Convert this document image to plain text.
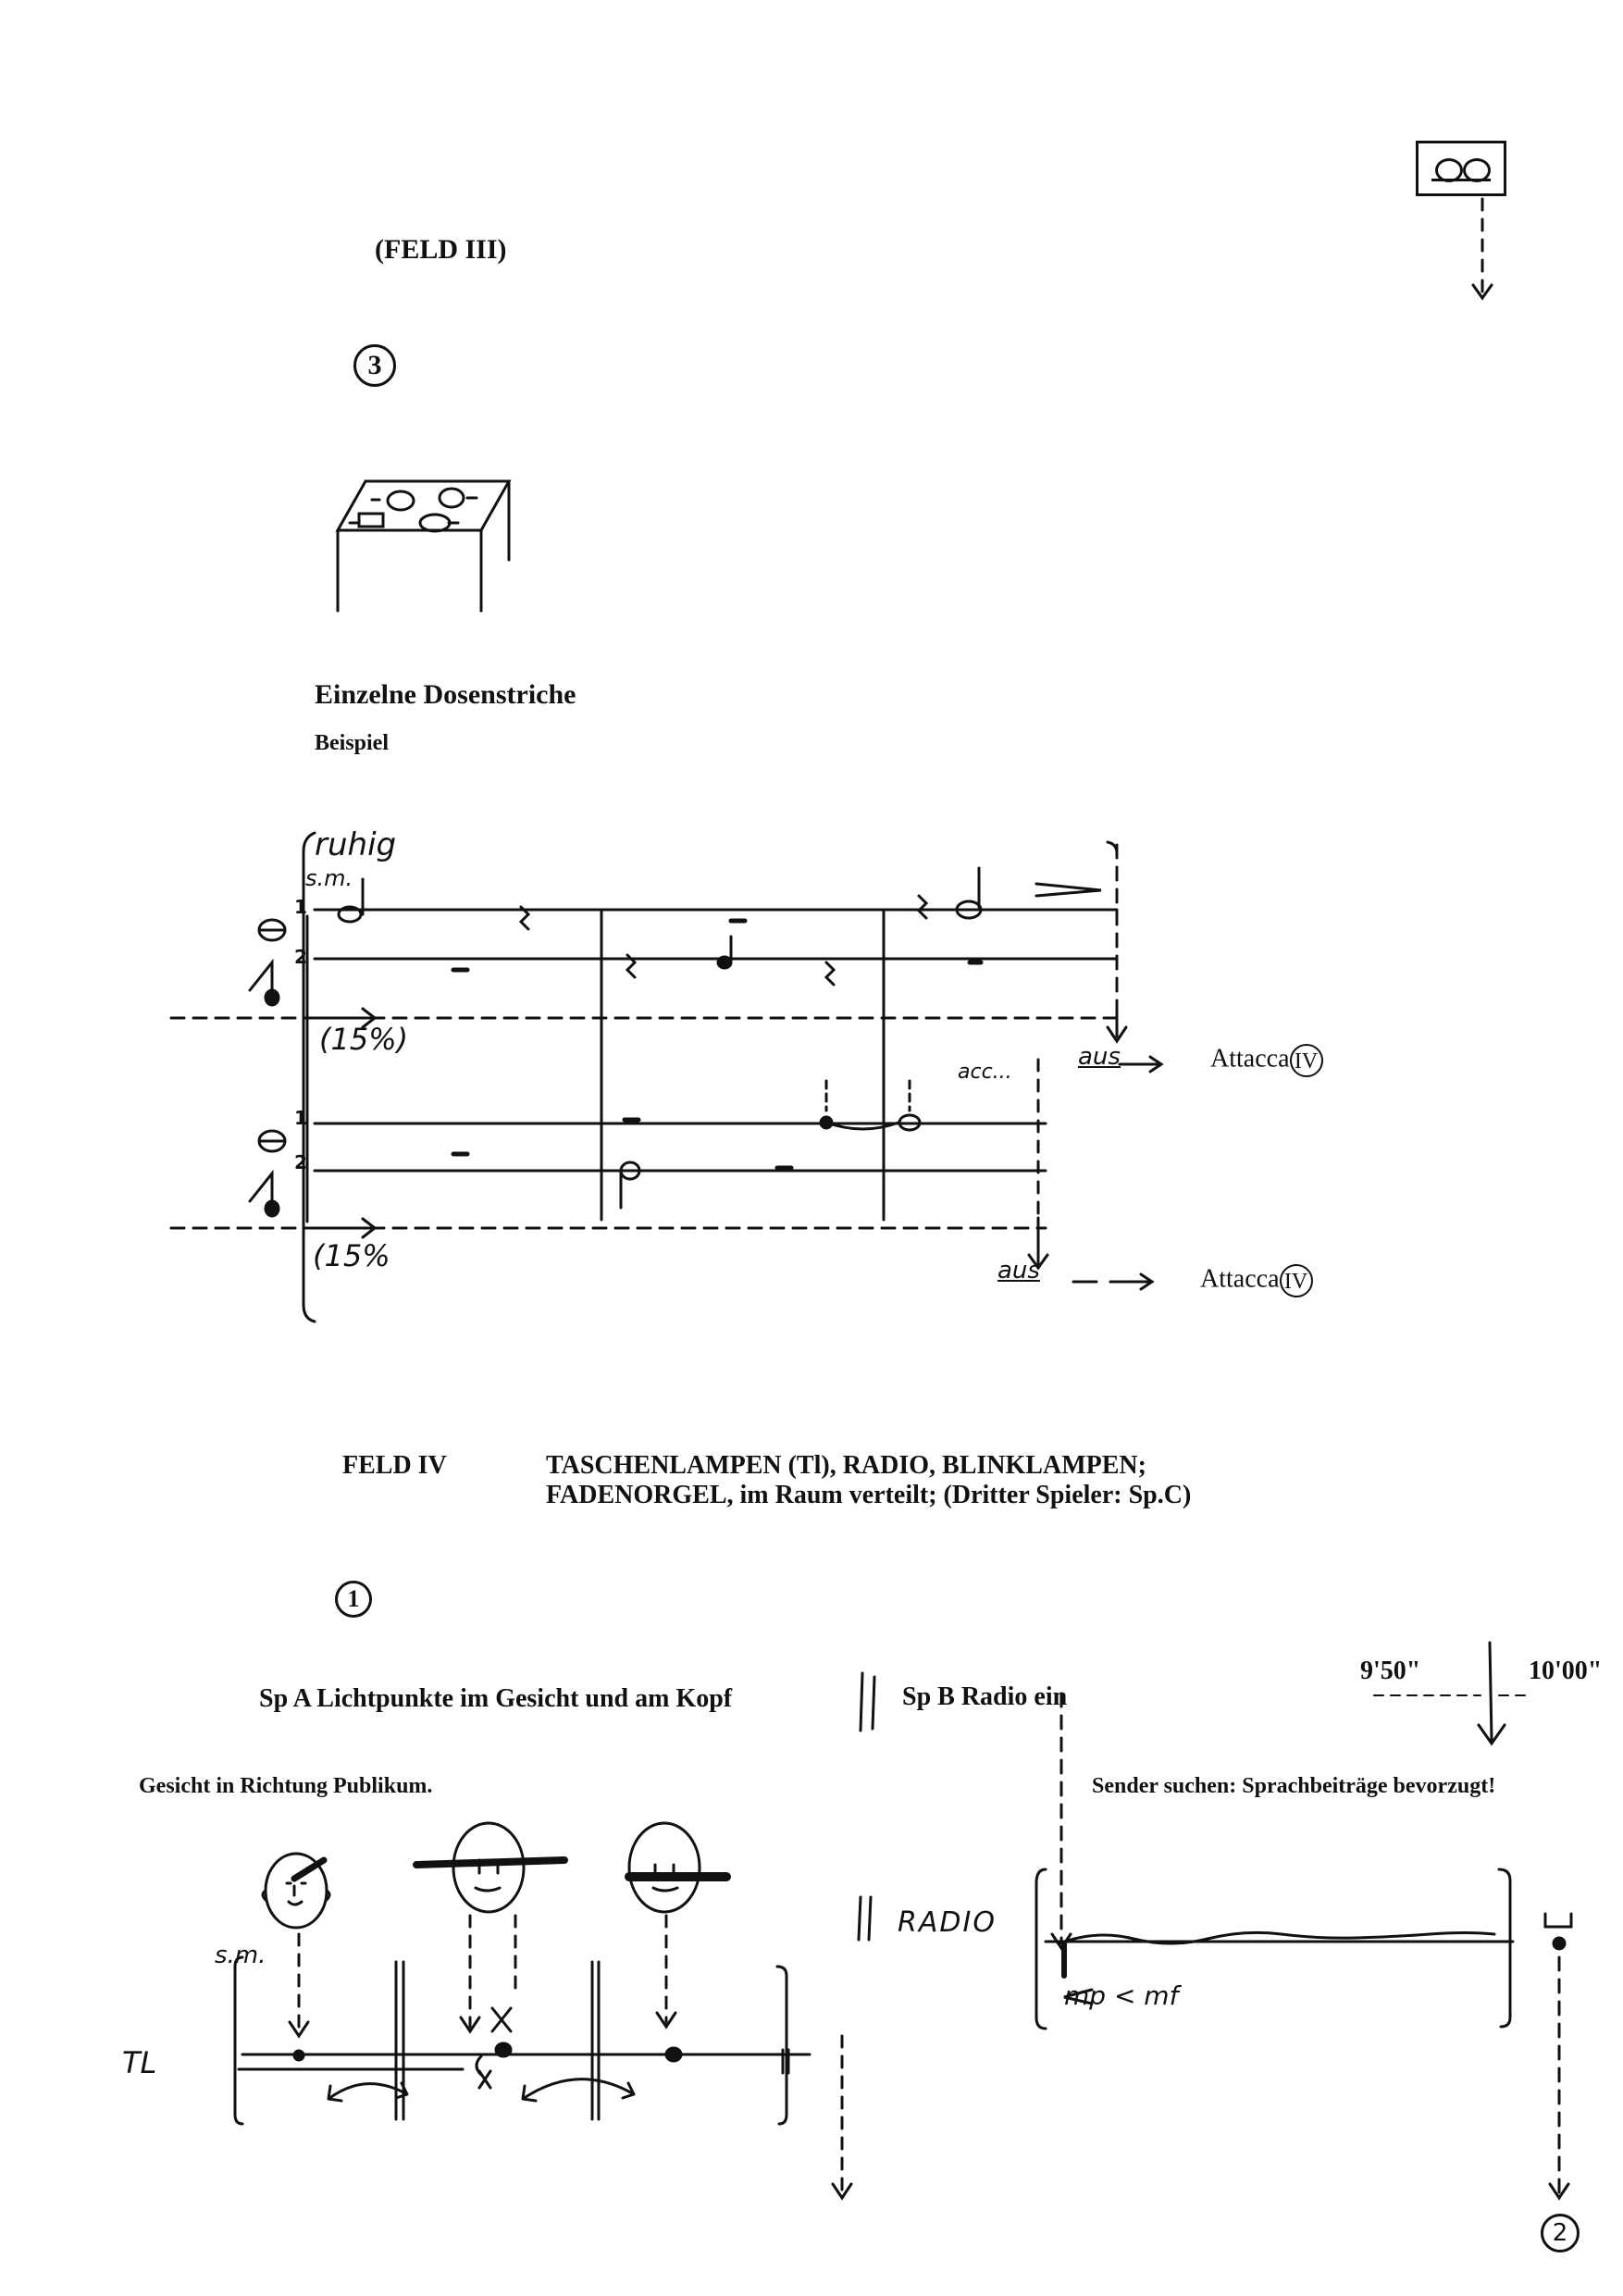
(FELD III)
3
Einzelne Dosenstriche
Beispiel
ruhig
s.m.
(15%)
(15%
acc...
aus
aus
Attacca IV
Attacca IV
1
2
1
2
FELD IV	TASCHENLAMPEN (Tl), RADIO, BLINKLAMPEN;
FADENORGEL, im Raum verteilt; (Dritter Spieler: Sp.C)
1
Sp A Lichtpunkte im Gesicht und am Kopf	Sp B Radio ein
9'50"	10'00"
Gesicht in Richtung Publikum.	Sender suchen: Sprachbeiträge bevorzugt!
RADIO
TL
s.m.
mp < mf
2
